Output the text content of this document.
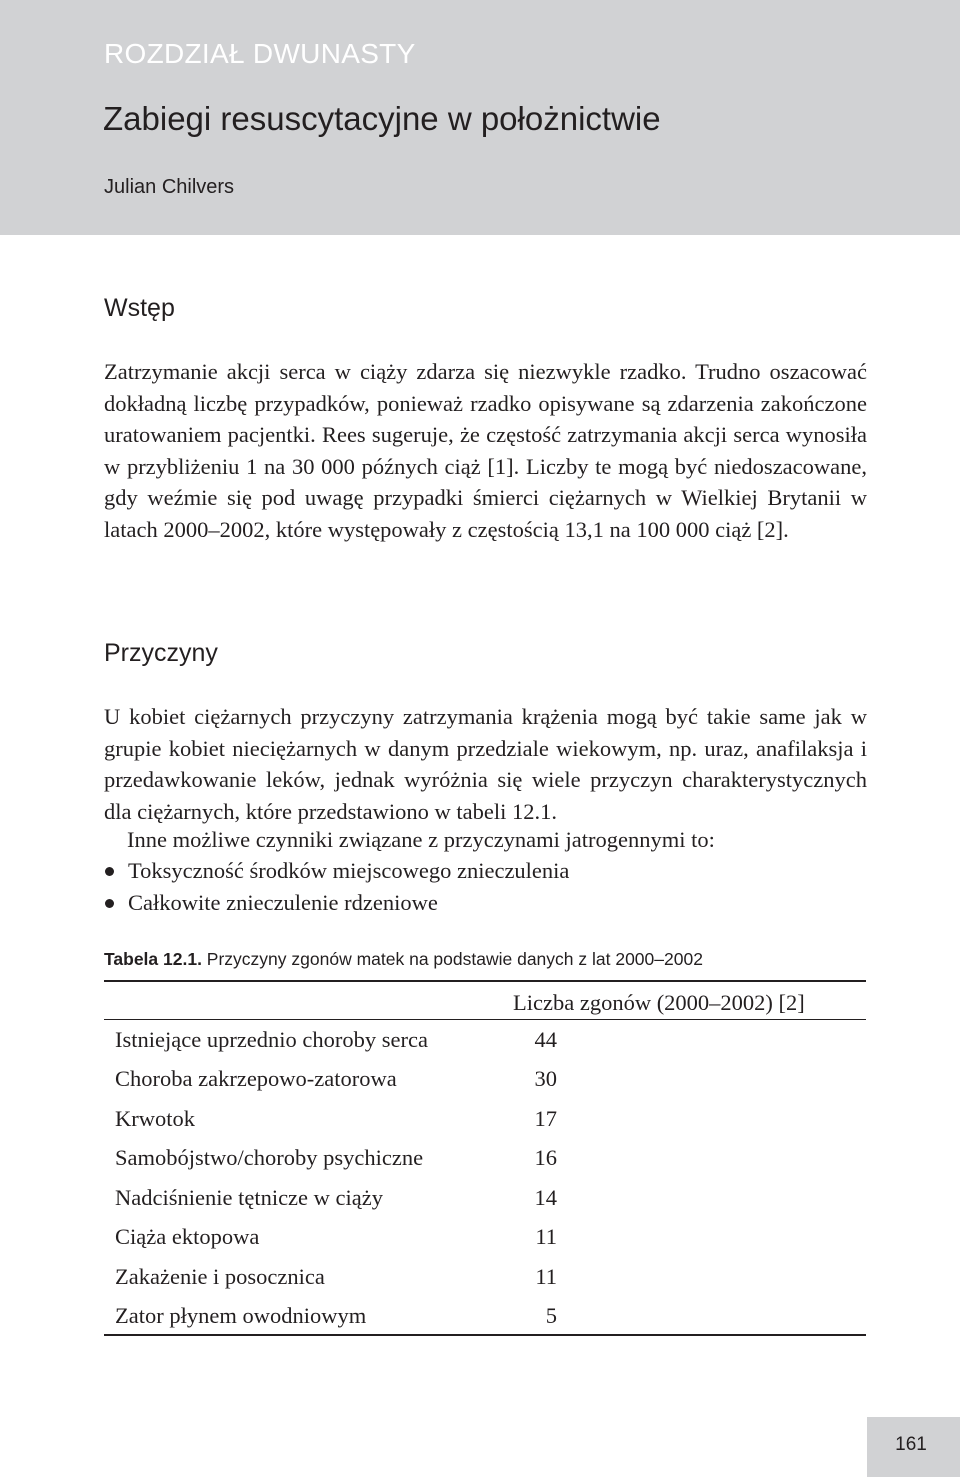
ROZDZIAŁ DWUNASTY
Zabiegi resuscytacyjne w położnictwie
Julian Chilvers
Wstęp

Zatrzymanie akcji serca w ciąży zdarza się niezwykle rzadko. Trudno oszacować dokładną liczbę przypadków, ponieważ rzadko opisywane są zdarzenia zakończone uratowaniem pacjentki. Rees sugeruje, że częstość zatrzymania akcji serca wynosiła w przybliżeniu 1 na 30 000 późnych ciąż [1]. Liczby te mogą być niedoszacowane, gdy weźmie się pod uwagę przypadki śmierci ciężarnych w Wielkiej Brytanii w latach 2000–2002, które występowały z częstością 13,1 na 100 000 ciąż [2].

Przyczyny

U kobiet ciężarnych przyczyny zatrzymania krążenia mogą być takie same jak w grupie kobiet nieciężarnych w danym przedziale wiekowym, np. uraz, anafilaksja i przedawkowanie leków, jednak wyróżnia się wiele przyczyn charakterystycznych dla ciężarnych, które przedstawiono w tabeli 12.1.

Inne możliwe czynniki związane z przyczynami jatrogennymi to:

Toksyczność środków miejscowego znieczulenia
Całkowite znieczulenie rdzeniowe
Tabela 12.1. Przyczyny zgonów matek na podstawie danych z lat 2000–2002
	Liczba zgonów (2000–2002) [2]	
Istniejące uprzednio choroby serca	44	
Choroba zakrzepowo-zatorowa	30	
Krwotok	17	
Samobójstwo/choroby psychiczne	16	
Nadciśnienie tętnicze w ciąży	14	
Ciąża ektopowa	11	
Zakażenie i posocznica	11	
Zator płynem owodniowym	5	
161
